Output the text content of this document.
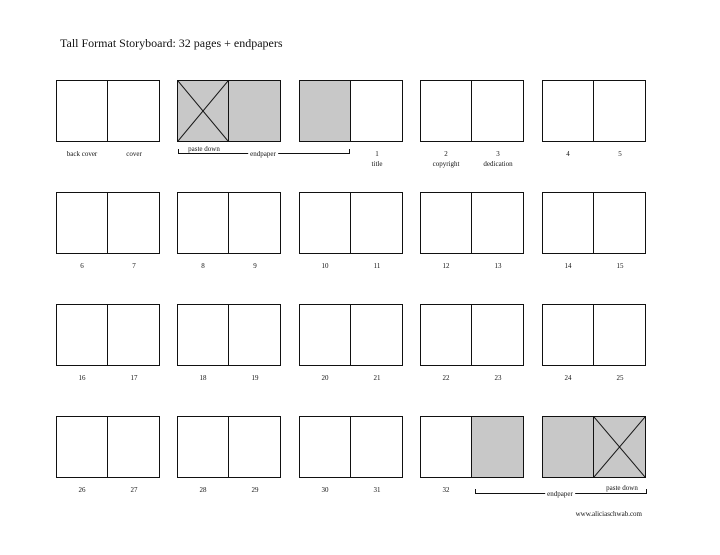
Tall Format Storyboard: 32 pages + endpapers
back cover	cover	1
title
2
copyright
3
dedication
4	5
6	7	8	9	10	11	12	13	14	15
16	17	18	19	20	21	22	23	24	25
26	27	28	29	30	31	32
paste down
endpaper
endpaper
paste down
www.aliciaschwab.com
